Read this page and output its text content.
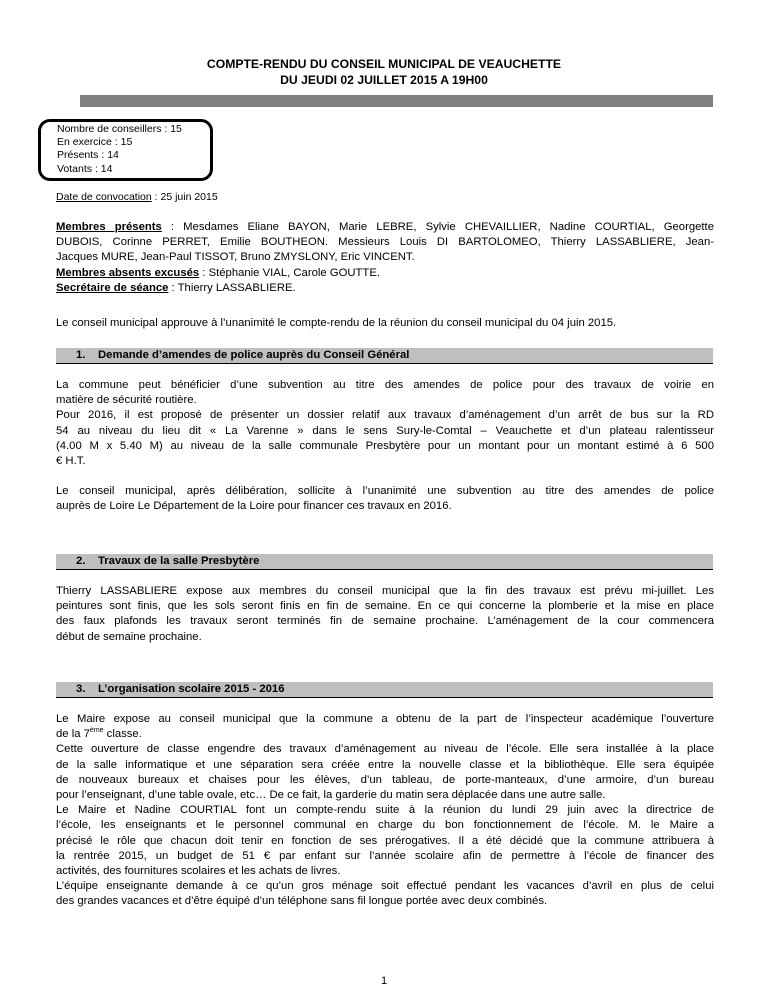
COMPTE-RENDU DU CONSEIL MUNICIPAL DE VEAUCHETTE
DU JEUDI 02 JUILLET 2015 A 19H00
Nombre de conseillers : 15
En exercice : 15
Présents : 14
Votants : 14
Date de convocation : 25 juin 2015

Membres présents : Mesdames Eliane BAYON, Marie LEBRE, Sylvie CHEVAILLIER, Nadine COURTIAL, Georgette

DUBOIS, Corinne PERRET, Emilie BOUTHEON. Messieurs Louis DI BARTOLOMEO, Thierry LASSABLIERE, Jean-

Jacques MURE, Jean-Paul TISSOT, Bruno ZMYSLONY, Eric VINCENT.

Membres absents excusés : Stéphanie VIAL, Carole GOUTTE.

Secrétaire de séance : Thierry LASSABLIERE.

Le conseil municipal approuve à l’unanimité le compte-rendu de la réunion du conseil municipal du 04 juin 2015.
1. Demande d’amendes de police auprès du Conseil Général

La commune peut bénéficier d’une subvention au titre des amendes de police pour des travaux de voirie en

matière de sécurité routière.

Pour 2016, il est proposé de présenter un dossier relatif aux travaux d’aménagement d’un arrêt de bus sur la RD

54 au niveau du lieu dit « La Varenne » dans le sens Sury-le-Comtal – Veauchette et d’un plateau ralentisseur

(4.00 M x 5.40 M) au niveau de la salle communale Presbytère pour un montant pour un montant estimé à 6 500

€ H.T.

Le conseil municipal, après délibération, sollicite à l’unanimité une subvention au titre des amendes de police

auprès de Loire Le Département de la Loire pour financer ces travaux en 2016.

2. Travaux de la salle Presbytère

Thierry LASSABLIERE expose aux membres du conseil municipal que la fin des travaux est prévu mi-juillet. Les

peintures sont finis, que les sols seront finis en fin de semaine. En ce qui concerne la plomberie et la mise en place

des faux plafonds les travaux seront terminés fin de semaine prochaine. L’aménagement de la cour commencera

début de semaine prochaine.

3. L’organisation scolaire 2015 - 2016

Le Maire expose au conseil municipal que la commune a obtenu de la part de l’inspecteur académique l’ouverture

de la 7ème classe.

Cette ouverture de classe engendre des travaux d’aménagement au niveau de l’école. Elle sera installée à la place

de la salle informatique et une séparation sera créée entre la nouvelle classe et la bibliothèque. Elle sera équipée

de nouveaux bureaux et chaises pour les élèves, d’un tableau, de porte-manteaux, d’une armoire, d’un bureau

pour l’enseignant, d’une table ovale, etc… De ce fait, la garderie du matin sera déplacée dans une autre salle.

Le Maire et Nadine COURTIAL font un compte-rendu suite à la réunion du lundi 29 juin avec la directrice de

l’école, les enseignants et le personnel communal en charge du bon fonctionnement de l’école. M. le Maire a

précisé le rôle que chacun doit tenir en fonction de ses prérogatives. Il a été décidé que la commune attribuera à

la rentrée 2015, un budget de 51 € par enfant sur l’année scolaire afin de permettre à l’école de financer des

activités, des fournitures scolaires et les achats de livres.

L’équipe enseignante demande à ce qu’un gros ménage soit effectué pendant les vacances d’avril en plus de celui

des grandes vacances et d’être équipé d’un téléphone sans fil longue portée avec deux combinés.

1
